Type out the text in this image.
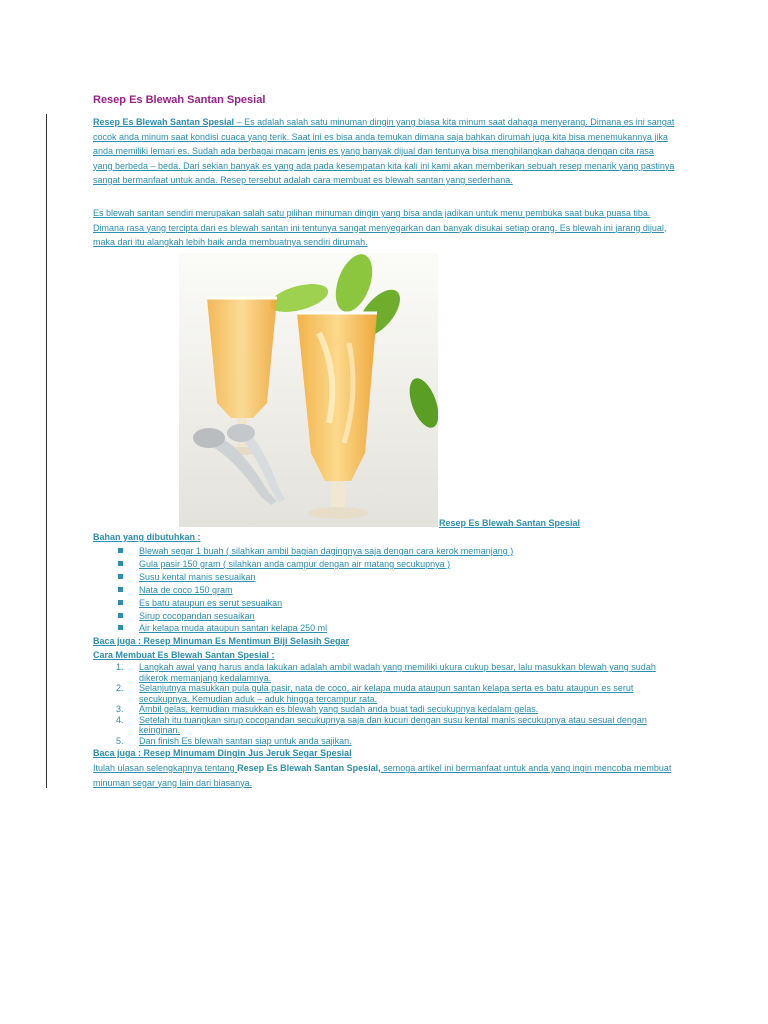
Resep Es Blewah Santan Spesial
Resep Es Blewah Santan Spesial – Es adalah salah satu minuman dingin yang biasa kita minum saat dahaga menyerang. Dimana es ini sangat cocok anda minum saat kondisi cuaca yang terik. Saat ini es bisa anda temukan dimana saja bahkan dirumah juga kita bisa menemukannya jika anda memiliki lemari es. Sudah ada berbagai macam jenis es yang banyak dijual dan tentunya bisa menghilangkan dahaga dengan cita rasa yang berbeda – beda. Dari sekian banyak es yang ada pada kesempatan kita kali ini kami akan memberikan sebuah resep menarik yang pastinya sangat bermanfaat untuk anda. Resep tersebut adalah cara membuat es blewah santan yang sederhana.
Es blewah santan sendiri merupakan salah satu pilihan minuman dingin yang bisa anda jadikan untuk menu pembuka saat buka puasa tiba. Dimana rasa yang tercipta dari es blewah santan ini tentunya sangat menyegarkan dan banyak disukai setiap orang. Es blewah ini jarang dijual, maka dari itu alangkah lebih baik anda membuatnya sendiri dirumah.
Resep Es Blewah Santan Spesial
Bahan yang dibutuhkan :
Blewah segar 1 buah ( silahkan ambil bagian dagingnya saja dengan cara kerok memanjang )
Gula pasir 150 gram ( silahkan anda campur dengan air matang secukupnya )
Susu kental manis sesuaikan
Nata de coco 150 gram
Es batu ataupun es serut sesuaikan
Sirup cocopandan sesuaikan
Air kelapa muda ataupun santan kelapa 250 ml
Baca juga : Resep Minuman Es Mentimun Biji Selasih Segar
Cara Membuat Es Blewah Santan Spesial :
1. Langkah awal yang harus anda lakukan adalah ambil wadah yang memiliki ukura cukup besar, lalu masukkan blewah yang sudah dikerok memanjang kedalamnya.
2. Selanjutnya masukkan pula gula pasir, nata de coco, air kelapa muda ataupun santan kelapa serta es batu ataupun es serut secukupnya. Kemudian aduk – aduk hingga tercampur rata.
3. Ambil gelas, kemudian masukkan es blewah yang sudah anda buat tadi secukupnya kedalam gelas.
4. Setelah itu tuangkan sirup cocopandan secukupnya saja dan kucuri dengan susu kental manis secukupnya atau sesuai dengan keinginan.
5. Dan finish Es blewah santan siap untuk anda sajikan.
Baca juga : Resep Minumam Dingin Jus Jeruk Segar Spesial
Itulah ulasan selengkapnya tentang Resep Es Blewah Santan Spesial, semoga artikel ini bermanfaat untuk anda yang ingin mencoba membuat minuman segar yang lain dari biasanya.
